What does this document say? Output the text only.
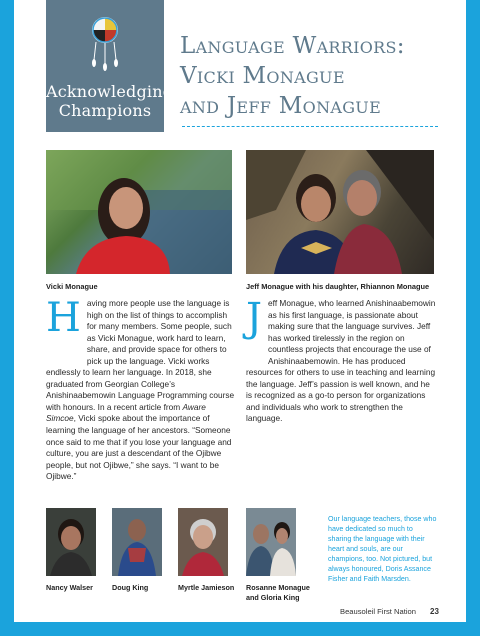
Acknowledging
Champions
Language Warriors:
Vicki Monague
and Jeff Monague
Vicki Monague	Jeff Monague with his daughter, Rhiannon Monague
H aving more people use the language is high on the list of things to accomplish for many members. Some people, such as Vicki Monague, work hard to learn, share, and provide space for others to pick up the language. Vicki works endlessly to learn her language. In 2018, she graduated from Georgian College’s Anishinaabemowin Language Programming course with honours. In a recent article from Aware Simcoe, Vicki spoke about the importance of learning the language of her ancestors. “Someone once said to me that if you lose your language and culture, you are just a descendant of the Ojibwe people, but not Ojibwe,” she says. “I want to be Ojibwe.”

J eff Monague, who learned Anishinaabemowin as his first language, is passionate about making sure that the language survives. Jeff has worked tirelessly in the region on countless projects that encourage the use of Anishinaabemowin. He has produced resources for others to use in teaching and learning the language. Jeff’s passion is well known, and he is recognized as a go-to person for organizations and individuals who work to strengthen the language.

Nancy Walser	Doug King	Myrtle Jamieson Rosanne Monague
and Gloria King
Our language teachers, those who have dedicated so much to sharing the language with their heart and souls, are our champions, too. Not pictured, but always honoured, Doris Assance Fisher and Faith Marsden.
Beausoleil First Nation 23
